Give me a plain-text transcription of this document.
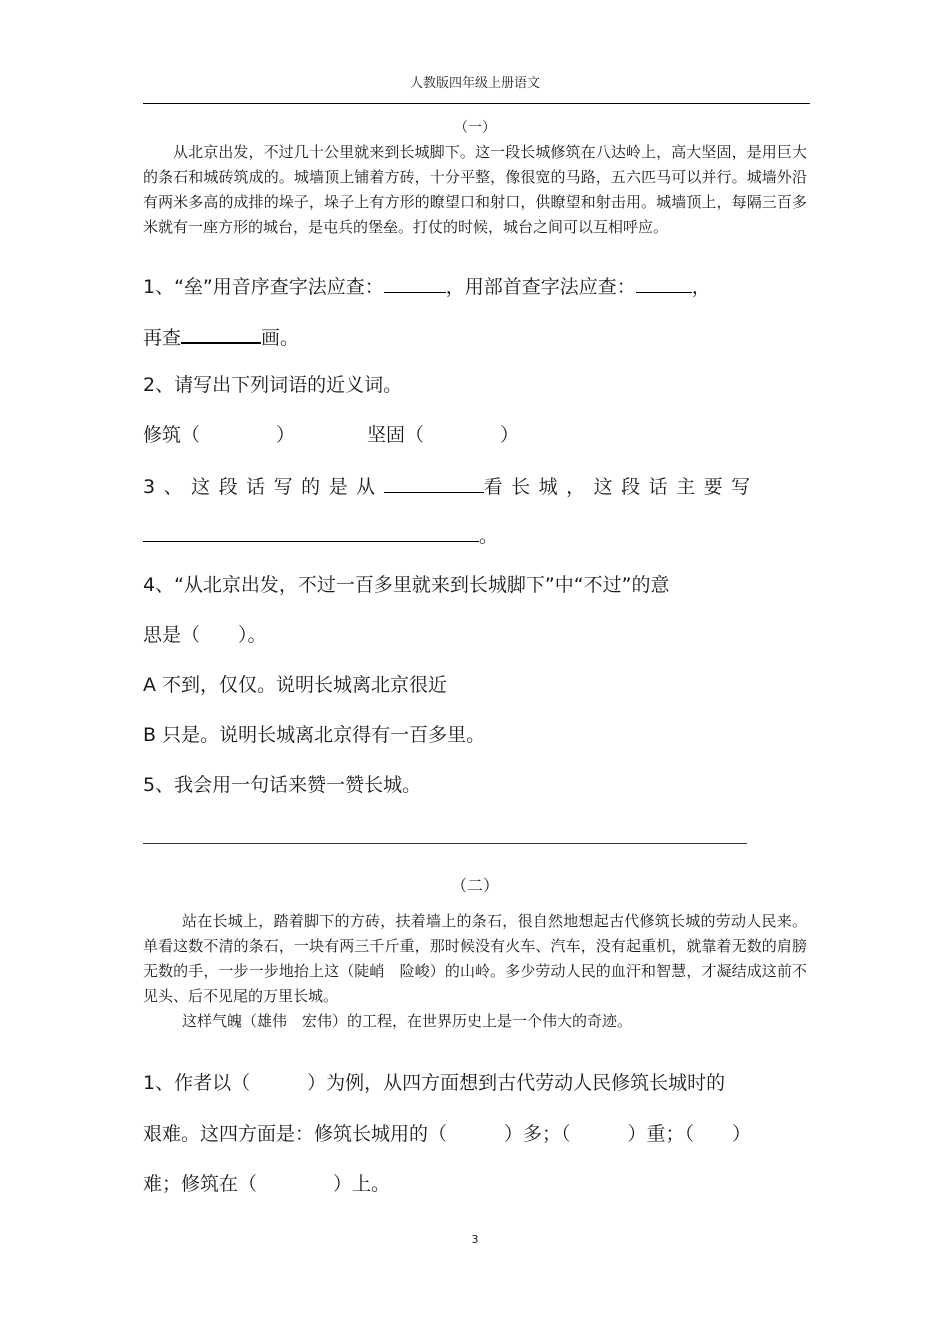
人教版四年级上册语文
（一）

从北京出发，不过几十公里就来到长城脚下。这一段长城修筑在八达岭上，高大坚固，是用巨大的条石和城砖筑成的。城墙顶上铺着方砖，十分平整，像很宽的马路，五六匹马可以并行。城墙外沿有两米多高的成排的垛子，垛子上有方形的瞭望口和射口，供瞭望和射击用。城墙顶上，每隔三百多米就有一座方形的城台，是屯兵的堡垒。打仗的时候，城台之间可以互相呼应。

1、“垒”用音序查字法应查：	，用部首查字法应查：	，
再查	画。
2、请写出下列词语的近义词。
修筑（　　　　）	坚固（　　　　）
3、这段话写的是从	看长城，这段话主要写
。
4、“从北京出发，不过一百多里就来到长城脚下”中“不过”的意
思是（　　）。
A 不到，仅仅。说明长城离北京很近
B 只是。说明长城离北京得有一百多里。
5、我会用一句话来赞一赞长城。
（二）

站在长城上，踏着脚下的方砖，扶着墙上的条石，很自然地想起古代修筑长城的劳动人民来。单看这数不清的条石，一块有两三千斤重，那时候没有火车、汽车，没有起重机，就靠着无数的肩膀无数的手，一步一步地抬上这（陡峭　险峻）的山岭。多少劳动人民的血汗和智慧，才凝结成这前不见头、后不见尾的万里长城。

这样气魄（雄伟　宏伟）的工程，在世界历史上是一个伟大的奇迹。

1、作者以（　　　）为例，从四方面想到古代劳动人民修筑长城时的
艰难。这四方面是：修筑长城用的（　　　）多；（　　　）重；（　　）
难；修筑在（　　　　）上。
3
